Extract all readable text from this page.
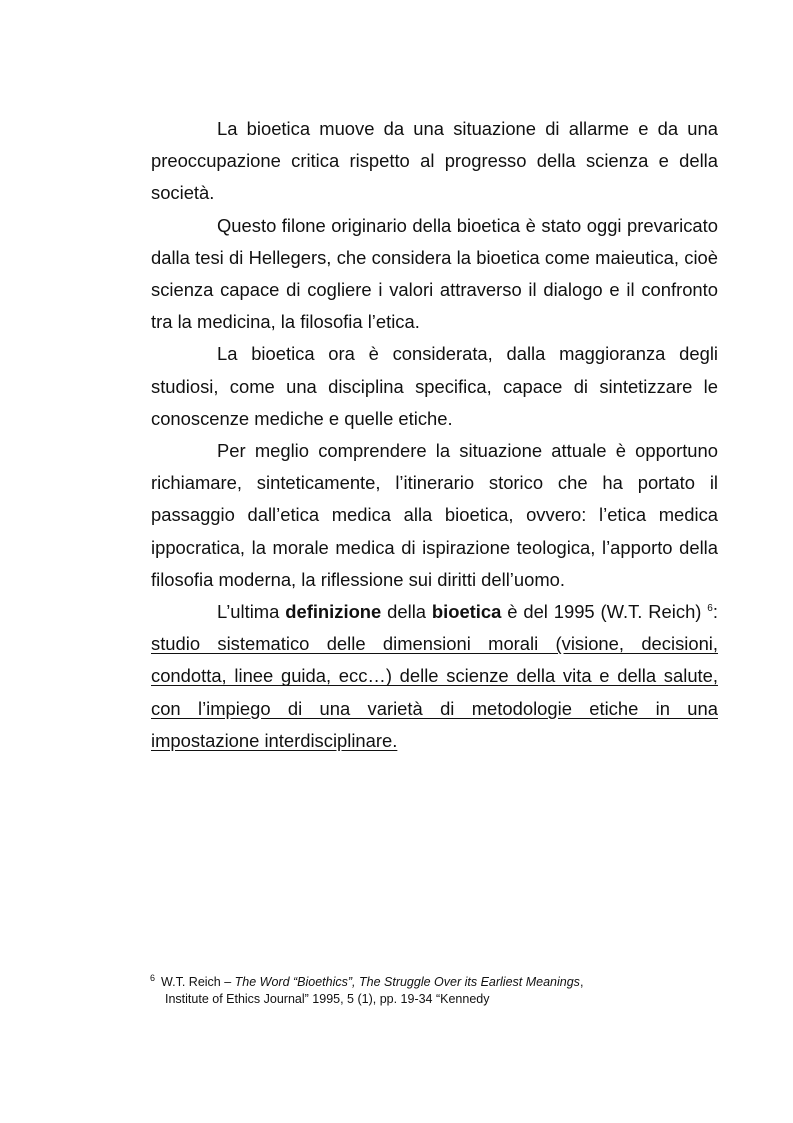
La bioetica muove da una situazione di allarme e da una preoccupazione critica rispetto al progresso della scienza e della società.

Questo filone originario della bioetica è stato oggi prevaricato dalla tesi di Hellegers, che considera la bioetica come maieutica, cioè scienza capace di cogliere i valori attraverso il dialogo e il confronto tra la medicina, la filosofia l’etica.

La bioetica ora è considerata, dalla maggioranza degli studiosi, come una disciplina specifica, capace di sintetizzare le conoscenze mediche e quelle etiche.

Per meglio comprendere la situazione attuale è opportuno richiamare, sinteticamente, l’itinerario storico che ha portato il passaggio dall’etica medica alla bioetica, ovvero: l’etica medica ippocratica, la morale medica di ispirazione teologica, l’apporto della filosofia moderna, la riflessione sui diritti dell’uomo.

L’ultima definizione della bioetica è del 1995 (W.T. Reich) $^6$: studio sistematico delle dimensioni morali (visione, decisioni, condotta, linee guida, ecc…) delle scienze della vita e della salute, con l’impiego di una varietà di metodologie etiche in una impostazione interdisciplinare.

$^6$ W.T. Reich – The Word “Bioethics”, The Struggle Over its Earliest Meanings,
Institute of Ethics Journal” 1995, 5 (1), pp. 19-34 “Kennedy
